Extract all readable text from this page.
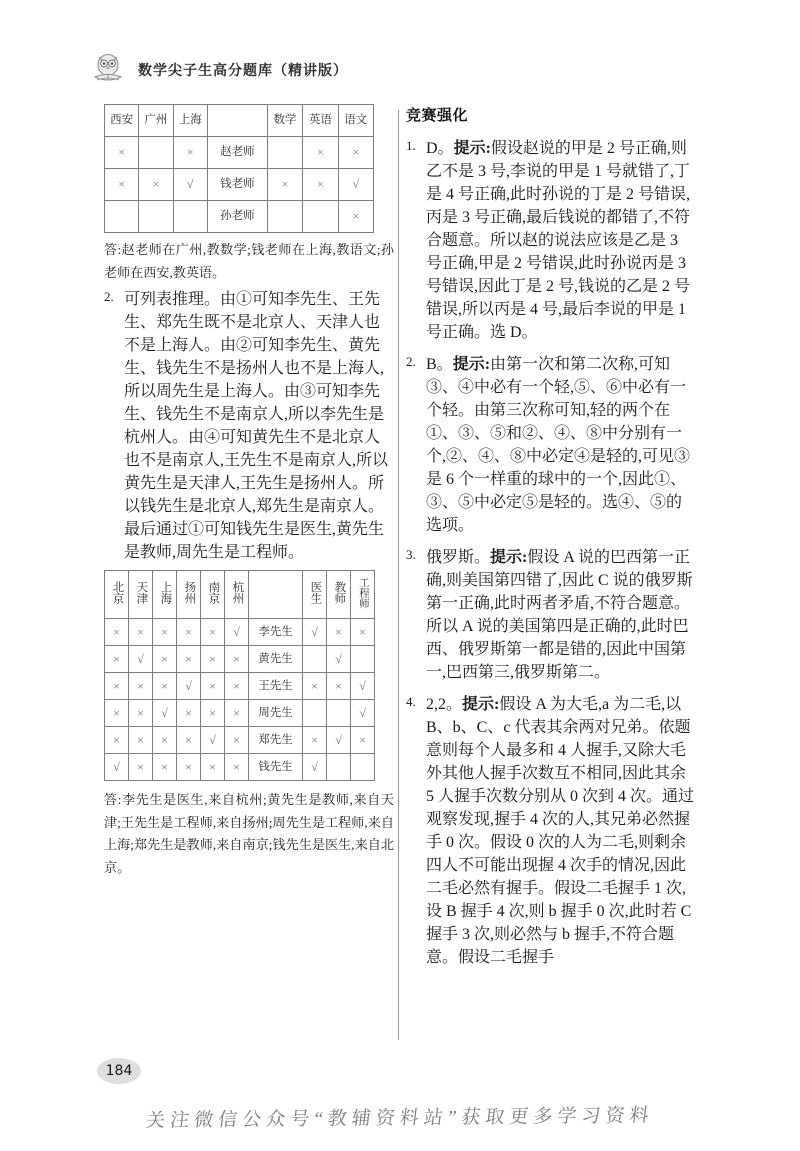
数学尖子生高分题库（精讲版）
西安	广州	上海		数学	英语	语文
×		×	赵老师		×	×
×	×	√	钱老师	×	×	√
			孙老师			×

答:赵老师在广州,教数学;钱老师在上海,教语文;孙老师在西安,教英语。

2. 可列表推理。由①可知李先生、王先生、郑先生既不是北京人、天津人也不是上海人。由②可知李先生、黄先生、钱先生不是扬州人也不是上海人,所以周先生是上海人。由③可知李先生、钱先生不是南京人,所以李先生是杭州人。由④可知黄先生不是北京人也不是南京人,王先生不是南京人,所以黄先生是天津人,王先生是扬州人。所以钱先生是北京人,郑先生是南京人。最后通过①可知钱先生是医生,黄先生是教师,周先生是工程师。
北京	天津	上海	扬州	南京	杭州		医生	教师	工程师
×	×	×	×	×	√	李先生	√	×	×
×	√	×	×	×	×	黄先生		√	
×	×	×	√	×	×	王先生	×	×	√
×	×	√	×	×	×	周先生			√
×	×	×	×	√	×	郑先生	×	√	×
√	×	×	×	×	×	钱先生	√		

答:李先生是医生,来自杭州;黄先生是教师,来自天津;王先生是工程师,来自扬州;周先生是工程师,来自上海;郑先生是教师,来自南京;钱先生是医生,来自北京。

竞赛强化
1. D。提示:假设赵说的甲是 2 号正确,则乙不是 3 号,李说的甲是 1 号就错了,丁是 4 号正确,此时孙说的丁是 2 号错误,丙是 3 号正确,最后钱说的都错了,不符合题意。所以赵的说法应该是乙是 3 号正确,甲是 2 号错误,此时孙说丙是 3 号错误,因此丁是 2 号,钱说的乙是 2 号错误,所以丙是 4 号,最后李说的甲是 1 号正确。选 D。
2. B。提示:由第一次和第二次称,可知③、④中必有一个轻,⑤、⑥中必有一个轻。由第三次称可知,轻的两个在①、③、⑤和②、④、⑧中分别有一个,②、④、⑧中必定④是轻的,可见③是 6 个一样重的球中的一个,因此①、③、⑤中必定⑤是轻的。选④、⑤的选项。
3. 俄罗斯。提示:假设 A 说的巴西第一正确,则美国第四错了,因此 C 说的俄罗斯第一正确,此时两者矛盾,不符合题意。所以 A 说的美国第四是正确的,此时巴西、俄罗斯第一都是错的,因此中国第一,巴西第三,俄罗斯第二。
4. 2,2。提示:假设 A 为大毛,a 为二毛,以 B、b、C、c 代表其余两对兄弟。依题意则每个人最多和 4 人握手,又除大毛外其他人握手次数互不相同,因此其余 5 人握手次数分别从 0 次到 4 次。通过观察发现,握手 4 次的人,其兄弟必然握手 0 次。假设 0 次的人为二毛,则剩余四人不可能出现握 4 次手的情况,因此二毛必然有握手。假设二毛握手 1 次,设 B 握手 4 次,则 b 握手 0 次,此时若 C 握手 3 次,则必然与 b 握手,不符合题意。假设二毛握手
184
关注微信公众号“教辅资料站”获取更多学习资料
